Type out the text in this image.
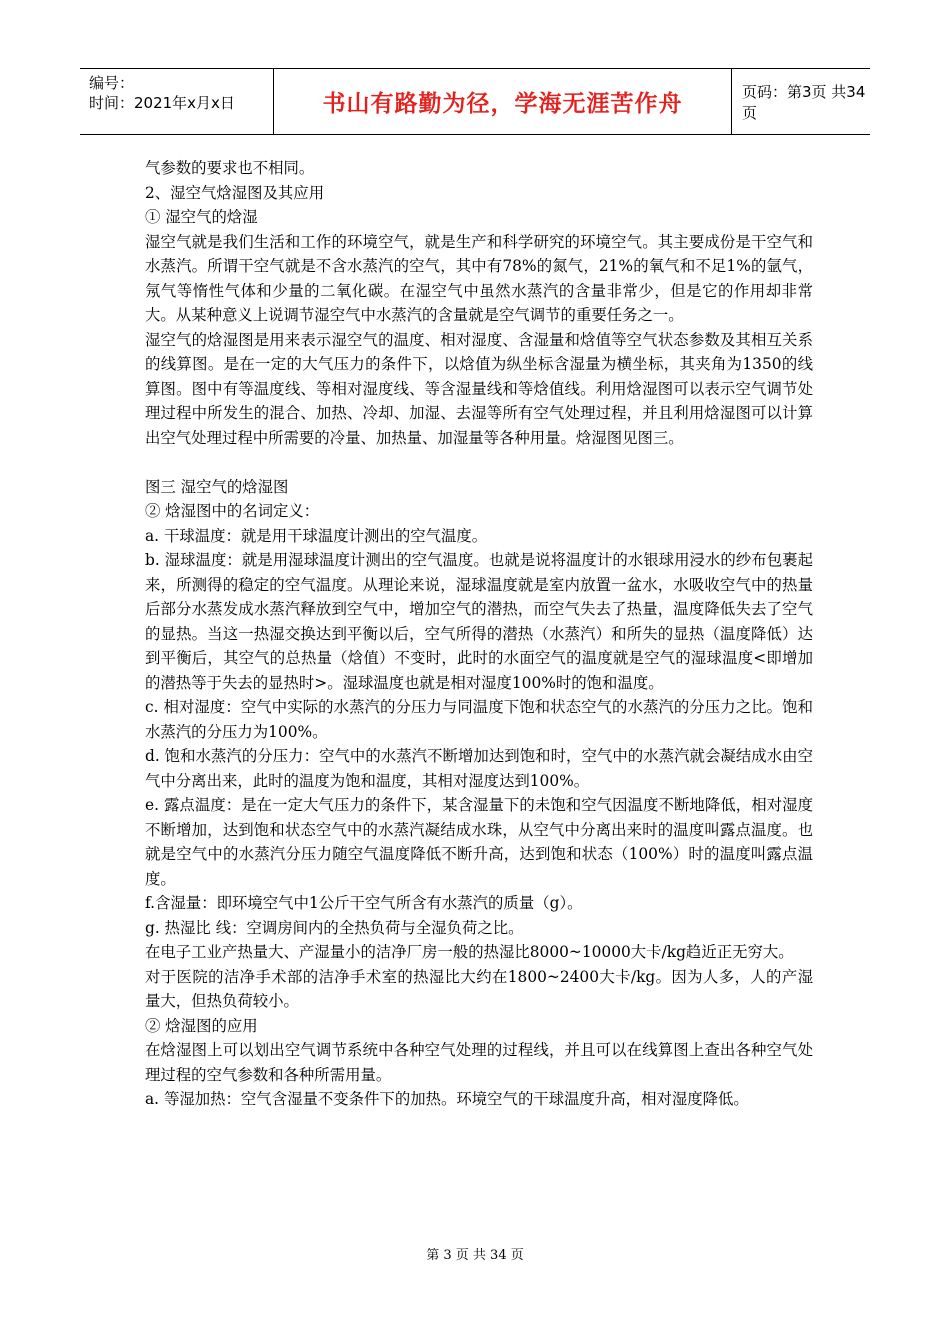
编号：
时间：2021年x月x日	书山有路勤为径，学海无涯苦作舟	页码：第3页 共34页

气参数的要求也不相同。

2、湿空气焓湿图及其应用

① 湿空气的焓湿

湿空气就是我们生活和工作的环境空气，就是生产和科学研究的环境空气。其主要成份是干空气和水蒸汽。所谓干空气就是不含水蒸汽的空气，其中有78%的氮气，21%的氧气和不足1%的氩气，氖气等惰性气体和少量的二氧化碳。在湿空气中虽然水蒸汽的含量非常少，但是它的作用却非常大。从某种意义上说调节湿空气中水蒸汽的含量就是空气调节的重要任务之一。

湿空气的焓湿图是用来表示湿空气的温度、相对湿度、含湿量和焓值等空气状态参数及其相互关系的线算图。是在一定的大气压力的条件下，以焓值为纵坐标含湿量为横坐标，其夹角为1350的线算图。图中有等温度线、等相对湿度线、等含湿量线和等焓值线。利用焓湿图可以表示空气调节处理过程中所发生的混合、加热、冷却、加湿、去湿等所有空气处理过程，并且利用焓湿图可以计算出空气处理过程中所需要的冷量、加热量、加湿量等各种用量。焓湿图见图三。

图三 湿空气的焓湿图

② 焓湿图中的名词定义：

a. 干球温度：就是用干球温度计测出的空气温度。

b. 湿球温度：就是用湿球温度计测出的空气温度。也就是说将温度计的水银球用浸水的纱布包裹起来，所测得的稳定的空气温度。从理论来说，湿球温度就是室内放置一盆水，水吸收空气中的热量后部分水蒸发成水蒸汽释放到空气中，增加空气的潜热，而空气失去了热量，温度降低失去了空气的显热。当这一热湿交换达到平衡以后，空气所得的潜热（水蒸汽）和所失的显热（温度降低）达到平衡后，其空气的总热量（焓值）不变时，此时的水面空气的温度就是空气的湿球温度<即增加的潜热等于失去的显热时>。湿球温度也就是相对湿度100%时的饱和温度。

c. 相对湿度：空气中实际的水蒸汽的分压力与同温度下饱和状态空气的水蒸汽的分压力之比。饱和水蒸汽的分压力为100%。

d. 饱和水蒸汽的分压力：空气中的水蒸汽不断增加达到饱和时，空气中的水蒸汽就会凝结成水由空气中分离出来，此时的温度为饱和温度，其相对湿度达到100%。

e. 露点温度：是在一定大气压力的条件下，某含湿量下的未饱和空气因温度不断地降低，相对湿度不断增加，达到饱和状态空气中的水蒸汽凝结成水珠，从空气中分离出来时的温度叫露点温度。也就是空气中的水蒸汽分压力随空气温度降低不断升高，达到饱和状态（100%）时的温度叫露点温度。

f.含湿量：即环境空气中1公斤干空气所含有水蒸汽的质量（g）。

g. 热湿比 线：空调房间内的全热负荷与全湿负荷之比。

在电子工业产热量大、产湿量小的洁净厂房一般的热湿比8000~10000大卡/kg趋近正无穷大。

对于医院的洁净手术部的洁净手术室的热湿比大约在1800~2400大卡/kg。因为人多，人的产湿量大，但热负荷较小。

② 焓湿图的应用

在焓湿图上可以划出空气调节系统中各种空气处理的过程线，并且可以在线算图上查出各种空气处理过程的空气参数和各种所需用量。

a. 等湿加热：空气含湿量不变条件下的加热。环境空气的干球温度升高，相对湿度降低。

第 3 页 共 34 页
